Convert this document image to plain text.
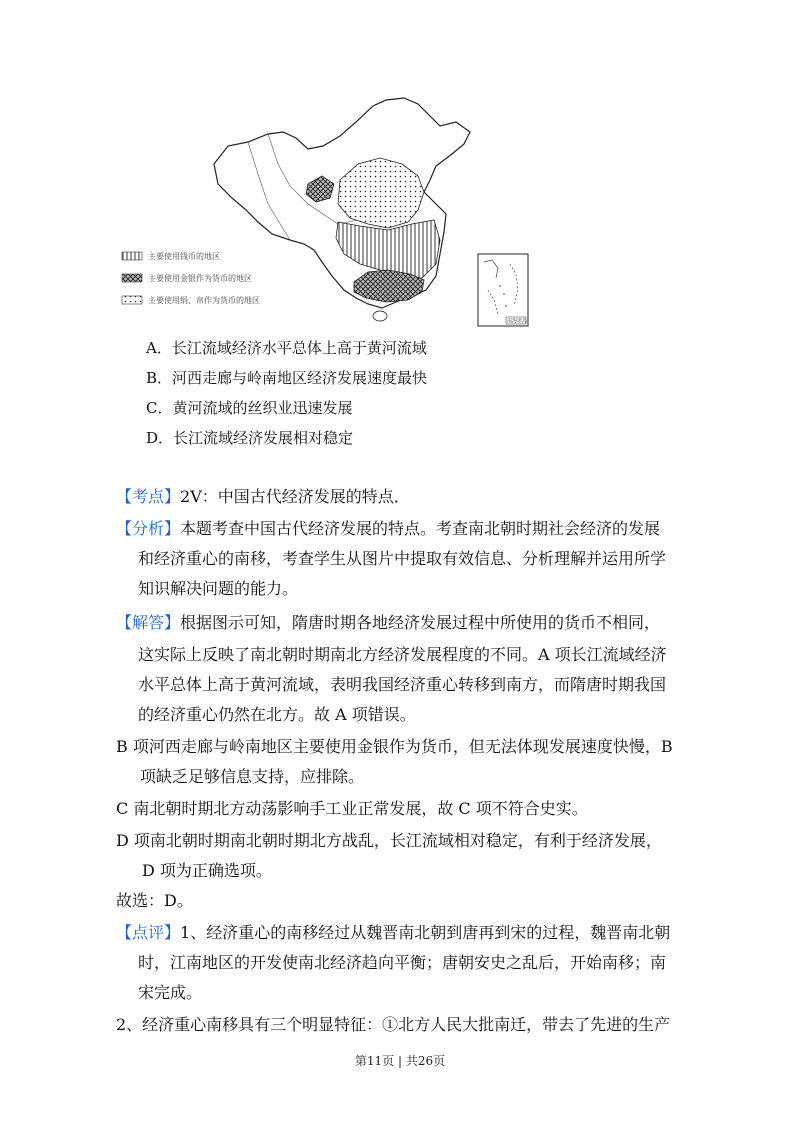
主要使用钱币的地区
主要使用金银作为货币的地区
主要使用绢、帛作为货币的地区
南海诸岛
A．长江流域经济水平总体上高于黄河流域
B．河西走廊与岭南地区经济发展速度最快
C．黄河流域的丝织业迅速发展
D．长江流域经济发展相对稳定
【考点】2V：中国古代经济发展的特点．
【分析】本题考查中国古代经济发展的特点。考查南北朝时期社会经济的发展
和经济重心的南移，考查学生从图片中提取有效信息、分析理解并运用所学
知识解决问题的能力。
【解答】根据图示可知，隋唐时期各地经济发展过程中所使用的货币不相同，
这实际上反映了南北朝时期南北方经济发展程度的不同。A 项长江流域经济
水平总体上高于黄河流域，表明我国经济重心转移到南方，而隋唐时期我国
的经济重心仍然在北方。故 A 项错误。
B 项河西走廊与岭南地区主要使用金银作为货币，但无法体现发展速度快慢，B
项缺乏足够信息支持，应排除。
C 南北朝时期北方动荡影响手工业正常发展，故 C 项不符合史实。
D 项南北朝时期南北朝时期北方战乱，长江流域相对稳定，有利于经济发展，
D 项为正确选项。
故选：D。
【点评】1、经济重心的南移经过从魏晋南北朝到唐再到宋的过程，魏晋南北朝
时，江南地区的开发使南北经济趋向平衡；唐朝安史之乱后，开始南移；南
宋完成。
2、经济重心南移具有三个明显特征：①北方人民大批南迁，带去了先进的生产
第11页 | 共26页
